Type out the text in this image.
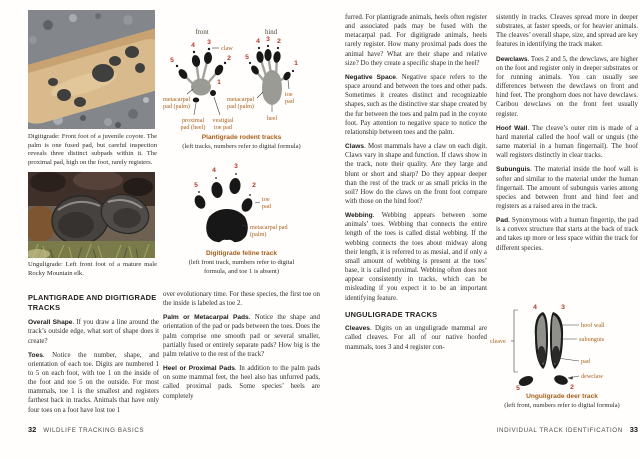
Digitigrade: Front foot of a juvenile coyote. The palm is one fused pad, but careful inspection reveals three distinct subpads within it. The proximal pad, high on the foot, rarely registers.
Unguligrade: Left front foot of a mature male Rocky Mountain elk.
PLANTIGRADE AND DIGITIGRADE TRACKS

Overall Shape. If you draw a line around the track’s outside edge, what sort of shape does it create?

Toes. Notice the number, shape, and orientation of each toe. Digits are numbered 1 to 5 on each foot, with toe 1 on the inside of the foot and toe 5 on the outside. For most mammals, toe 1 is the smallest and registers farthest back in tracks. Animals that have only four toes on a foot have lost toe 1

front
4 3
5	2
1
claw
metacarpal
pad (palm)
proximal
pad (heel)
vestigial
toe pad
hind
4 3 2
5
1
metacarpal
pad (palm)
toe
pad
heel
Plantigrade rodent tracks
(left tracks, numbers refer to digital formula)
5
4
3
2
toe
pad
metacarpal pad
(palm)
Digitigrade feline track
(left front track, numbers refer to digital
formula, and toe 1 is absent)

over evolutionary time. For these species, the first toe on the inside is labeled as toe 2.

Palm or Metacarpal Pads. Notice the shape and orientation of the pad or pads between the toes. Does the palm comprise one smooth pad or several smaller, partially fused or entirely separate pads? How big is the palm relative to the rest of the track?

Heel or Proximal Pads. In addition to the palm pads on some mammal feet, the heel also has unfurred pads, called proximal pads. Some species’ heels are completely

32 WILDLIFE TRACKING BASICS

furred. For plantigrade animals, heels often register and associated pads may be fused with the metacarpal pad. For digitigrade animals, heels rarely register. How many proximal pads does the animal have? What are their shape and relative size? Do they create a specific shape in the heel?

Negative Space. Negative space refers to the space around and between the toes and other pads. Sometimes it creates distinct and recognizable shapes, such as the distinctive star shape created by the fur between the toes and palm pad in the coyote foot. Pay attention to negative space to notice the relationship between toes and the palm.

Claws. Most mammals have a claw on each digit. Claws vary in shape and function. If claws show in the track, note their quality. Are they large and blunt or short and sharp? Do they appear deeper than the rest of the track or as small pricks in the soil? How do the claws on the front foot compare with those on the hind foot?

Webbing. Webbing appears between some animals’ toes. Webbing that connects the entire length of the toes is called distal webbing. If the webbing connects the toes about midway along their length, it is referred to as mesial, and if only a small amount of webbing is present at the toes’ base, it is called proximal. Webbing often does not appear consistently in tracks, which can be misleading if you expect it to be an important identifying feature.

UNGULIGRADE TRACKS

Cleaves. Digits on an unguligrade mammal are called cleaves. For all of our native hoofed mammals, toes 3 and 4 register con-

sistently in tracks. Cleaves spread more in deeper substrates, at faster speeds, or for heavier animals. The cleaves’ overall shape, size, and spread are key features in identifying the track maker.

Dewclaws. Toes 2 and 5, the dewclaws, are higher on the foot and register only in deeper substrates or for running animals. You can usually see differences between the dewclaws on front and hind feet. The pronghorn does not have dewclaws. Caribou dewclaws on the front feet usually register.

Hoof Wall. The cleave’s outer rim is made of a hard material called the hoof wall or unguis (the same material in a human fingernail). The hoof wall registers distinctly in clear tracks.

Subunguis. The material inside the hoof wall is softer and similar to the material under the human fingernail. The amount of subunguis varies among species and between front and hind feet and registers as a raised area in the track.

Pad. Synonymous with a human fingertip, the pad is a convex structure that starts at the back of track and takes up more or less space within the track for different species.

cleave
4	3
5	2
hoof wall
subunguis
pad
dewclaw
Unguligrade deer track
(left front, numbers refer to digital formula)
INDIVIDUAL TRACK IDENTIFICATION 33
